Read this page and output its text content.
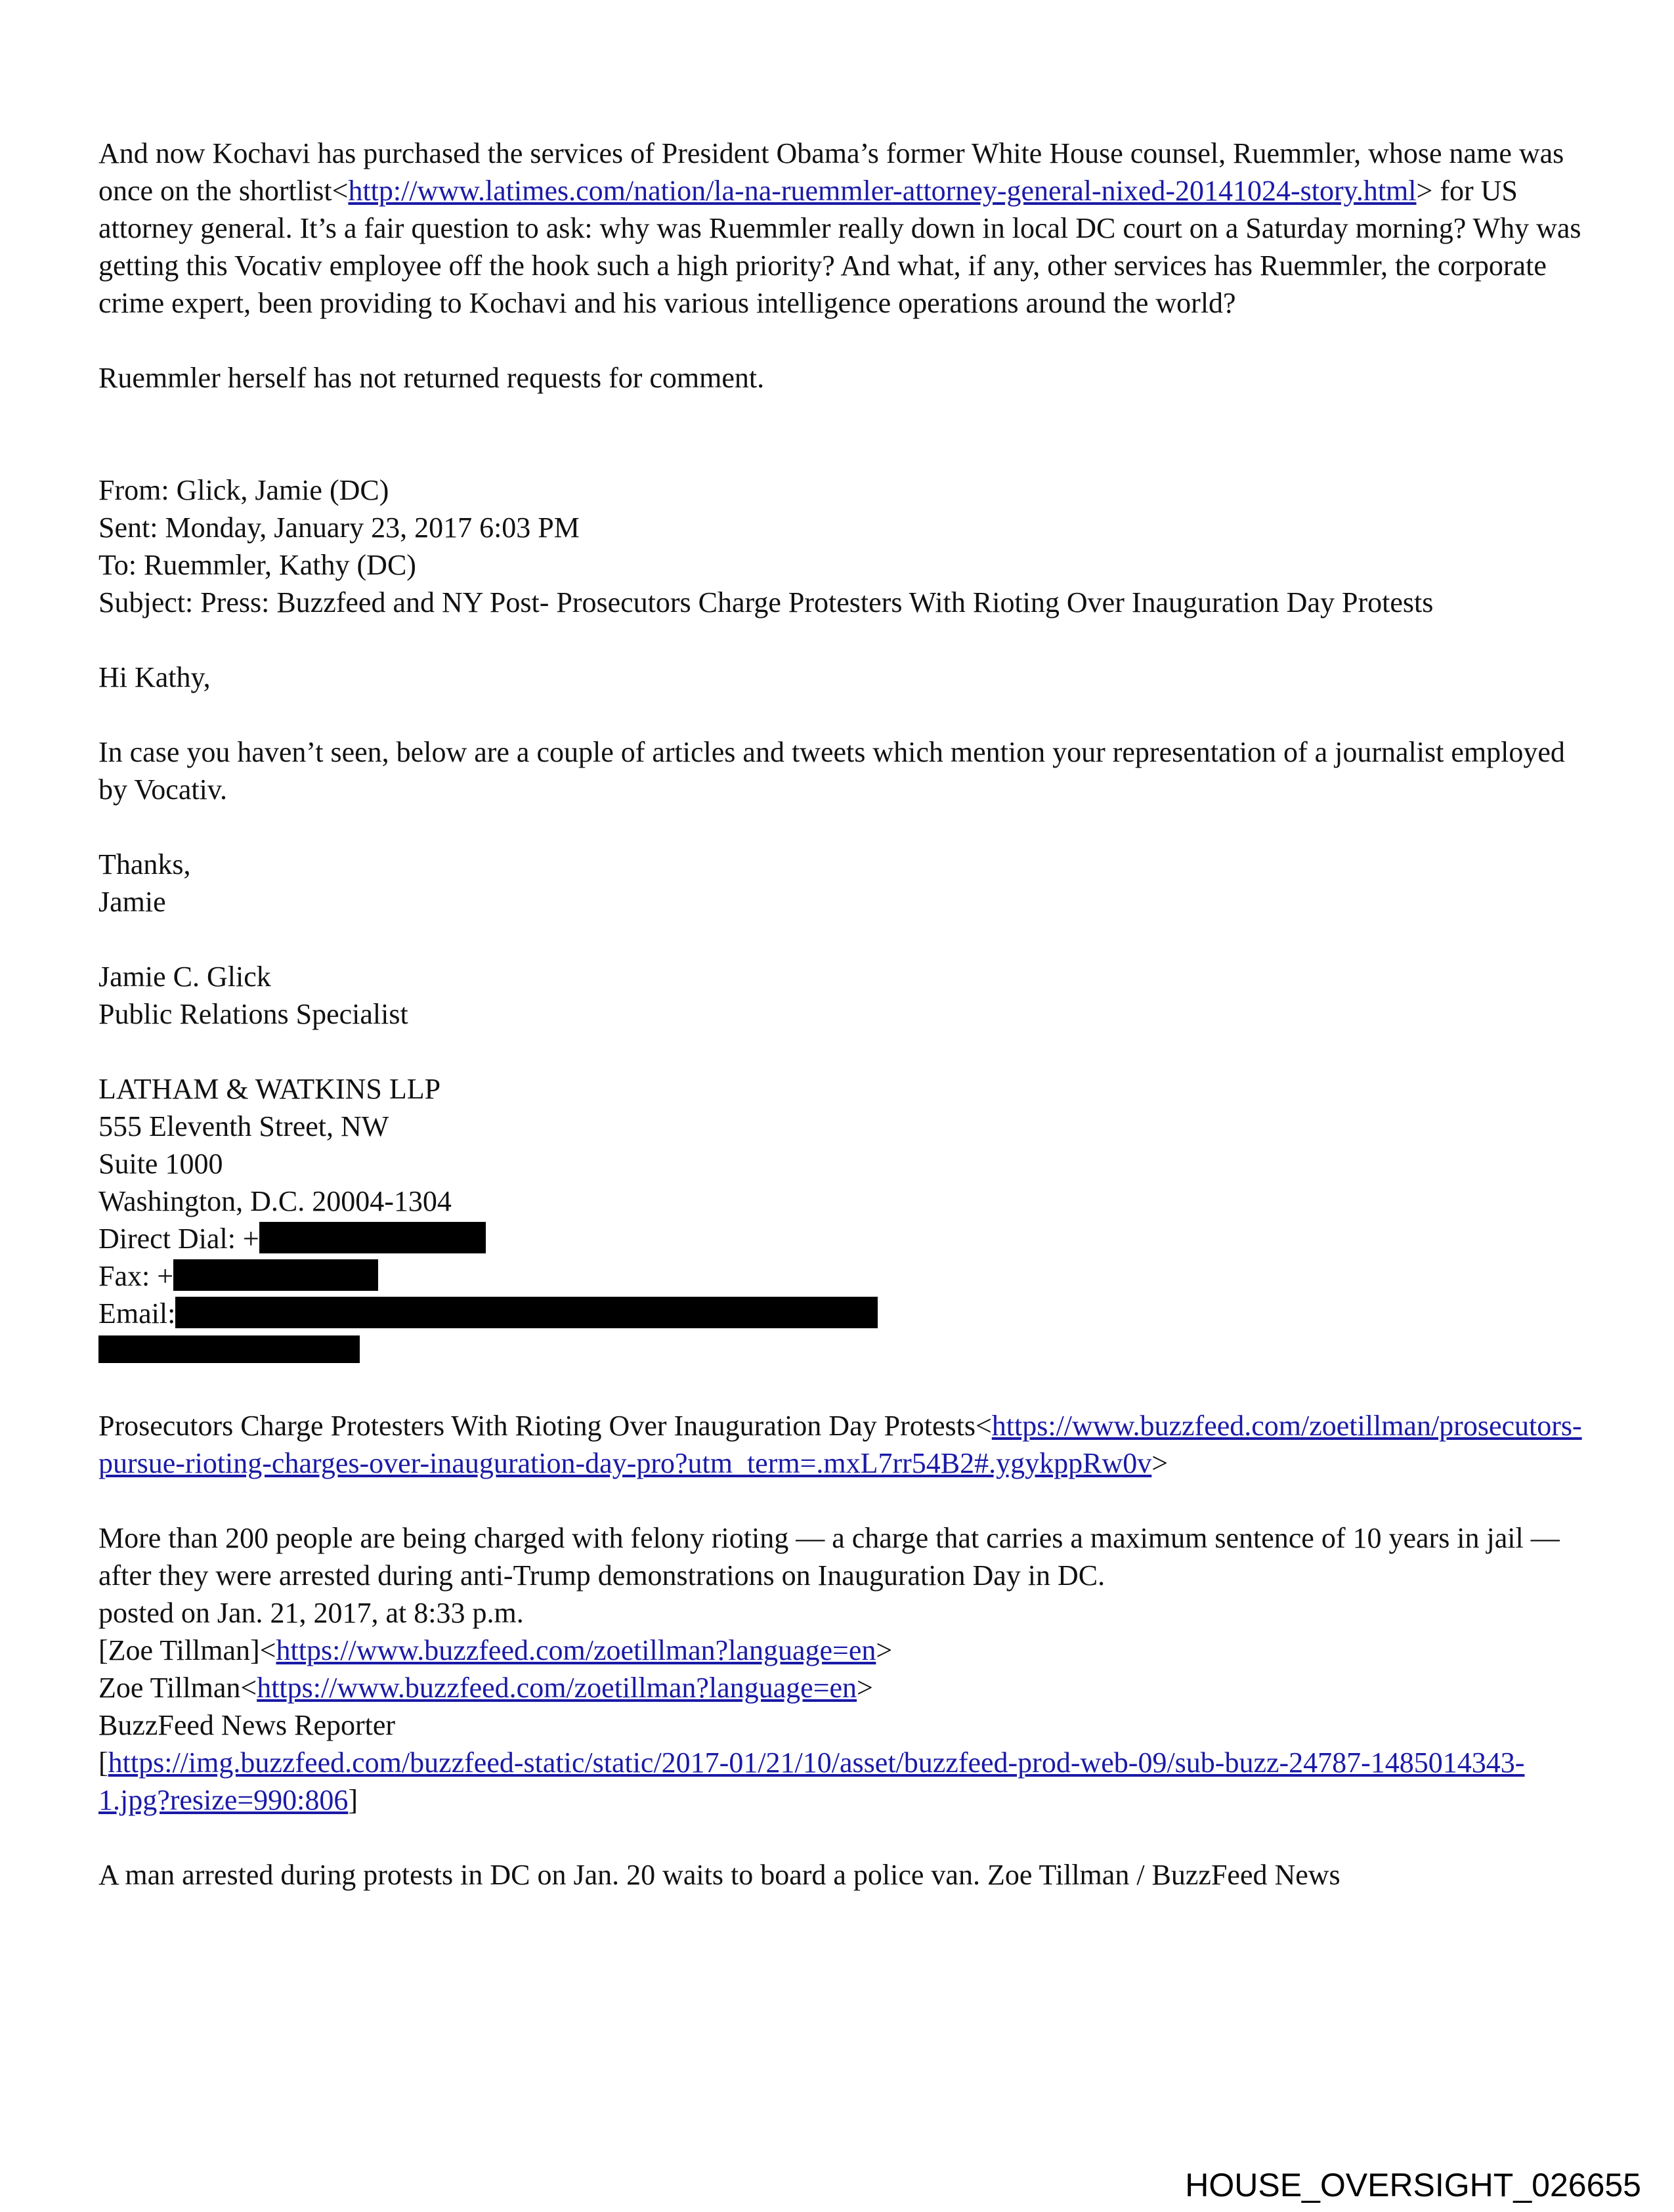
And now Kochavi has purchased the services of President Obama’s former White House counsel, Ruemmler, whose name was once on the shortlist<http://www.latimes.com/nation/la-na-ruemmler-attorney-general-nixed-20141024-story.html> for US attorney general. It’s a fair question to ask: why was Ruemmler really down in local DC court on a Saturday morning? Why was getting this Vocativ employee off the hook such a high priority? And what, if any, other services has Ruemmler, the corporate crime expert, been providing to Kochavi and his various intelligence operations around the world?

Ruemmler herself has not returned requests for comment.

From: Glick, Jamie (DC)

Sent: Monday, January 23, 2017 6:03 PM

To: Ruemmler, Kathy (DC)

Subject: Press: Buzzfeed and NY Post- Prosecutors Charge Protesters With Rioting Over Inauguration Day Protests

Hi Kathy,

In case you haven’t seen, below are a couple of articles and tweets which mention your representation of a journalist employed by Vocativ.

Thanks,

Jamie

Jamie C. Glick

Public Relations Specialist

LATHAM & WATKINS LLP

555 Eleventh Street, NW

Suite 1000

Washington, D.C. 20004-1304

Direct Dial: +

Fax: +

Email:

Prosecutors Charge Protesters With Rioting Over Inauguration Day Protests<https://www.buzzfeed.com/zoetillman/prosecutors-pursue-rioting-charges-over-inauguration-day-pro?utm_term=.mxL7rr54B2#.ygykppRw0v>

More than 200 people are being charged with felony rioting — a charge that carries a maximum sentence of 10 years in jail — after they were arrested during anti-Trump demonstrations on Inauguration Day in DC.

posted on Jan. 21, 2017, at 8:33 p.m.

[Zoe Tillman]<https://www.buzzfeed.com/zoetillman?language=en>

Zoe Tillman<https://www.buzzfeed.com/zoetillman?language=en>

BuzzFeed News Reporter

[https://img.buzzfeed.com/buzzfeed-static/static/2017-01/21/10/asset/buzzfeed-prod-web-09/sub-buzz-24787-1485014343-1.jpg?resize=990:806]

A man arrested during protests in DC on Jan. 20 waits to board a police van. Zoe Tillman / BuzzFeed News

HOUSE_OVERSIGHT_026655
